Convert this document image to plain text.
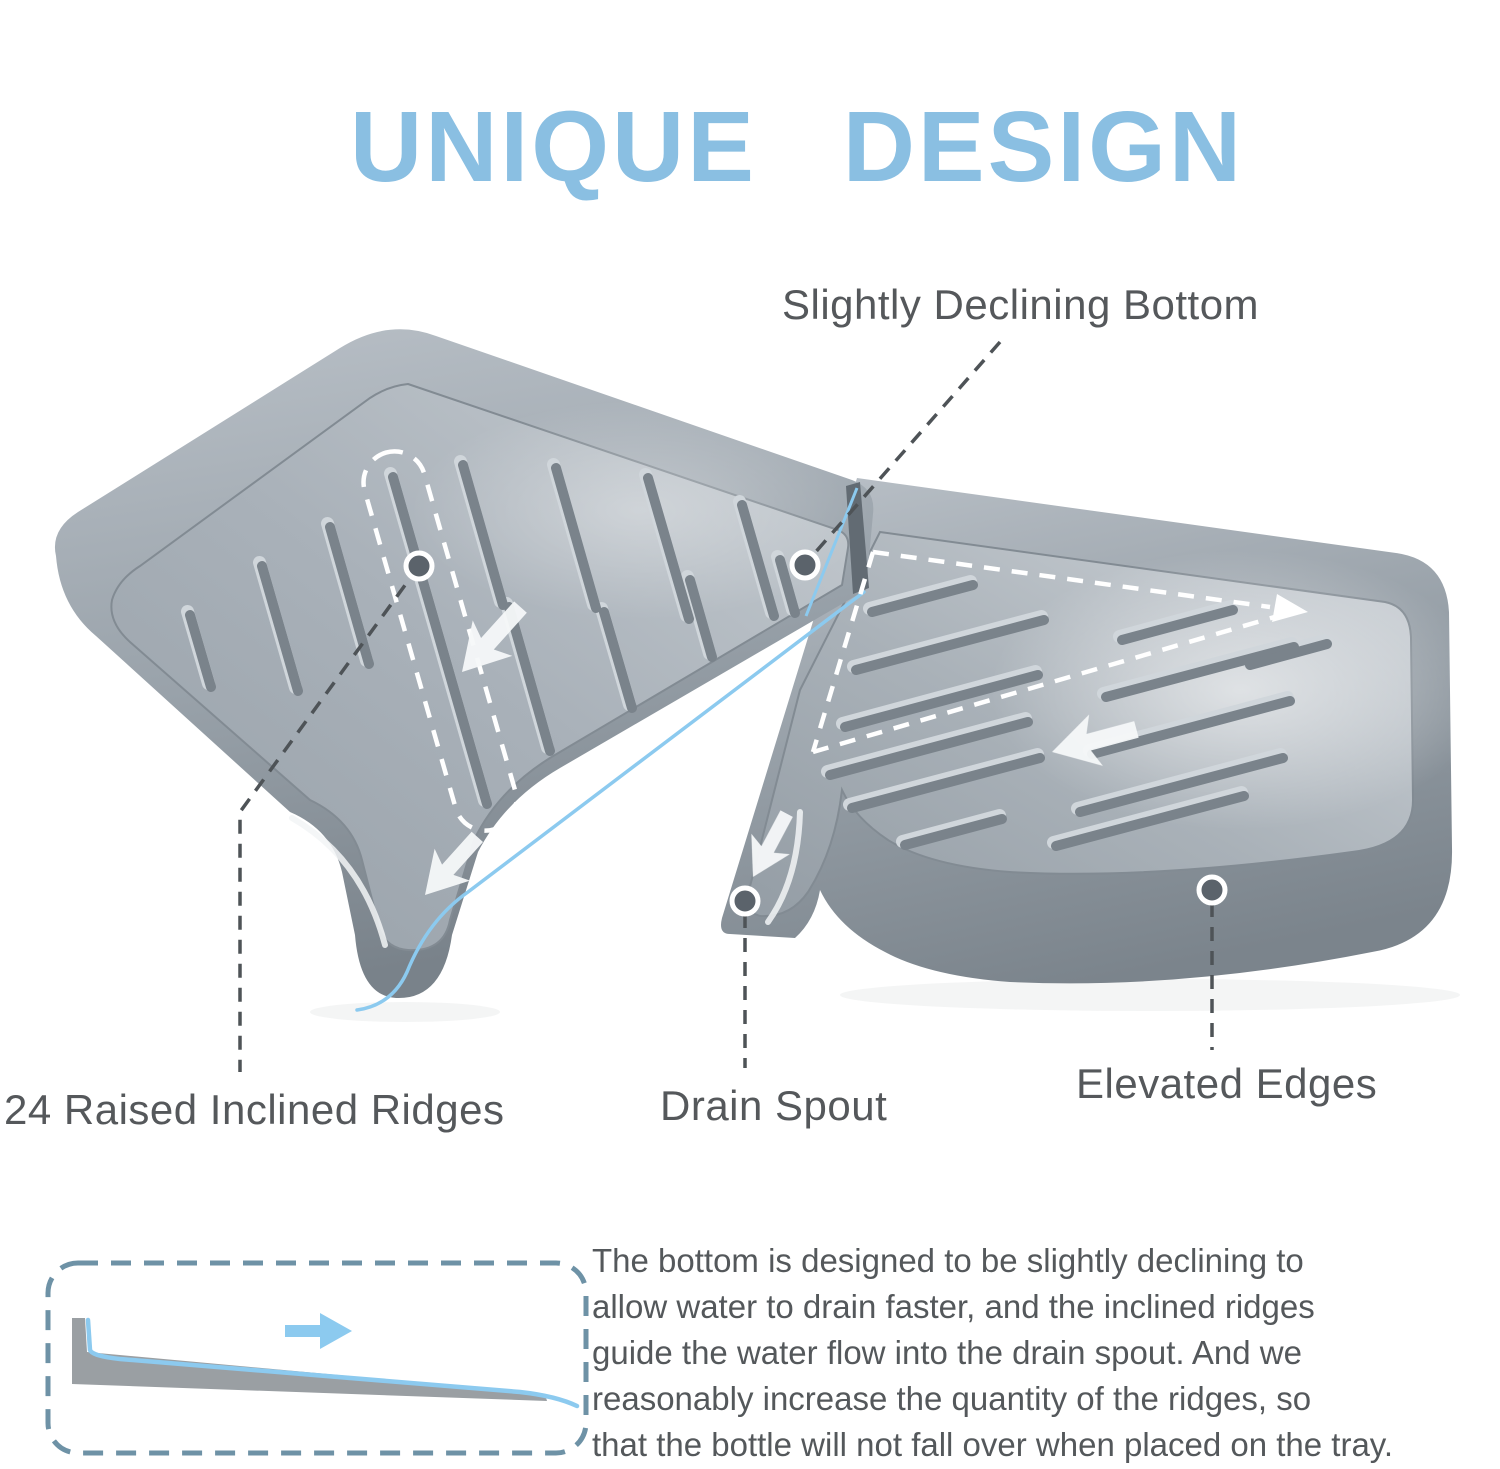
UNIQUE DESIGN
Slightly Declining Bottom
24 Raised Inclined Ridges	Drain Spout	Elevated Edges
The bottom is designed to be slightly declining to
allow water to drain faster, and the inclined ridges
guide the water flow into the drain spout. And we
reasonably increase the quantity of the ridges, so
that the bottle will not fall over when placed on the tray.
